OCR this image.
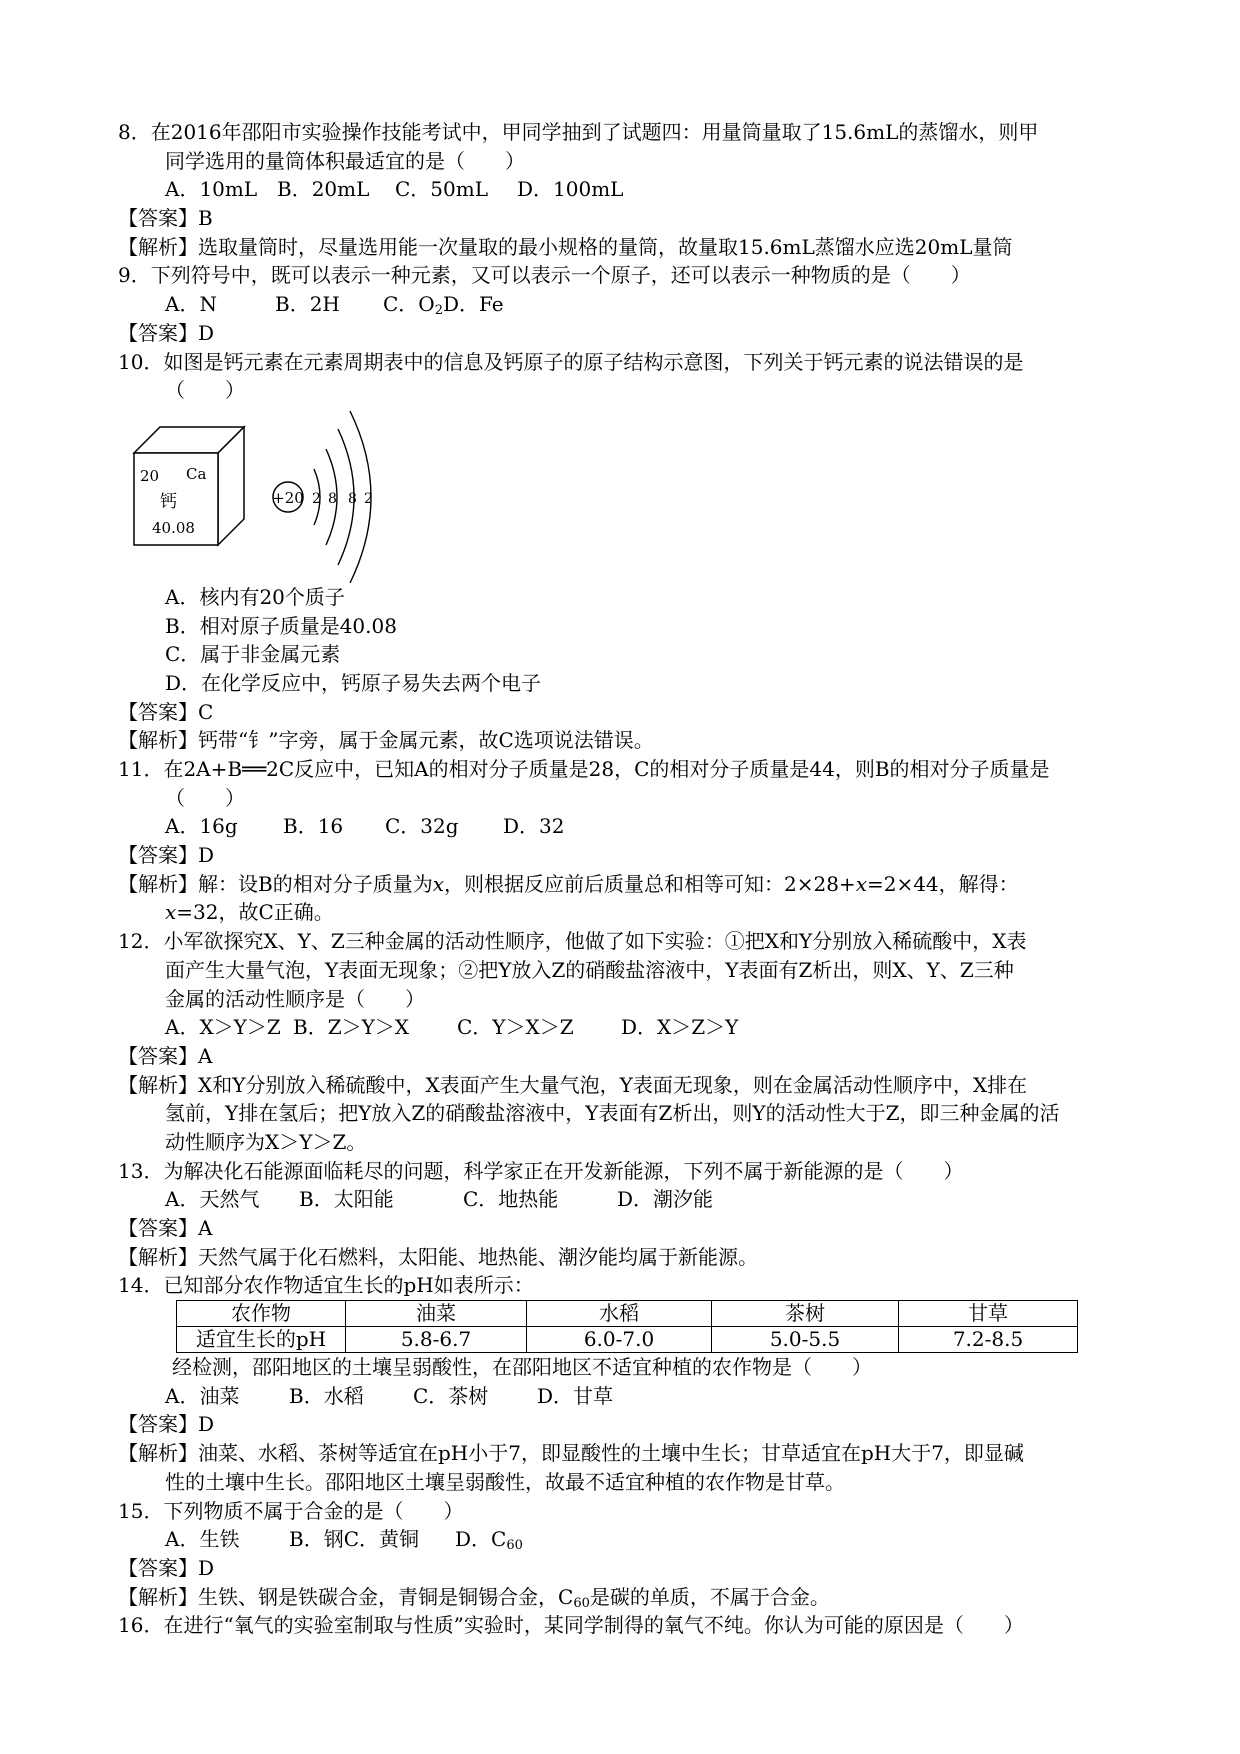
8．在2016年邵阳市实验操作技能考试中，甲同学抽到了试题四：用量筒量取了15.6mL的蒸馏水，则甲
同学选用的量筒体积最适宜的是（　　）
A．10mL B．20mL C．50mL D．100mL
【答案】B
【解析】选取量筒时，尽量选用能一次量取的最小规格的量筒，故量取15.6mL蒸馏水应选20mL量筒
9．下列符号中，既可以表示一种元素，又可以表示一个原子，还可以表示一种物质的是（　　）
A．N	B．2H C．$O_2D$．Fe
【答案】D
10．如图是钙元素在元素周期表中的信息及钙原子的原子结构示意图，下列关于钙元素的说法错误的是
（　　）
20 Ca
钙
40.08
+20 2 8 8 2
A．核内有20个质子
B．相对原子质量是40.08
C．属于非金属元素
D．在化学反应中，钙原子易失去两个电子
【答案】C
【解析】钙带“钅”字旁，属于金属元素，故C选项说法错误。
11．在2A+B══2C反应中，已知A的相对分子质量是28，C的相对分子质量是44，则B的相对分子质量是
（　　）
A．16g B．16 C．32g D．32
【答案】D
【解析】解：设B的相对分子质量为x，则根据反应前后质量总和相等可知：2×28+x=2×44，解得：
x=32，故C正确。
12．小军欲探究X、Y、Z三种金属的活动性顺序，他做了如下实验：①把X和Y分别放入稀硫酸中，X表
面产生大量气泡，Y表面无现象；②把Y放入Z的硝酸盐溶液中，Y表面有Z析出，则X、Y、Z三种
金属的活动性顺序是（　　）
A．X＞Y＞Z B．Z＞Y＞X C．Y＞X＞Z D．X＞Z＞Y
【答案】A
【解析】X和Y分别放入稀硫酸中，X表面产生大量气泡，Y表面无现象，则在金属活动性顺序中，X排在
氢前，Y排在氢后；把Y放入Z的硝酸盐溶液中，Y表面有Z析出，则Y的活动性大于Z，即三种金属的活
动性顺序为X＞Y＞Z。
13．为解决化石能源面临耗尽的问题，科学家正在开发新能源，下列不属于新能源的是（　　）
A．天然气 B．太阳能	C．地热能	D．潮汐能
【答案】A
【解析】天然气属于化石燃料，太阳能、地热能、潮汐能均属于新能源。
14．已知部分农作物适宜生长的pH如表所示：
农作物	油菜	水稻	茶树	甘草
适宜生长的pH	5.8-6.7	6.0-7.0	5.0-5.5	7.2-8.5
经检测，邵阳地区的土壤呈弱酸性，在邵阳地区不适宜种植的农作物是（　　）
A．油菜 B．水稻 C．茶树 D．甘草
【答案】D
【解析】油菜、水稻、茶树等适宜在pH小于7，即显酸性的土壤中生长；甘草适宜在pH大于7，即显碱
性的土壤中生长。邵阳地区土壤呈弱酸性，故最不适宜种植的农作物是甘草。
15．下列物质不属于合金的是（　　）
A．生铁 B．钢C．黄铜 D．$C_{60}$
【答案】D
【解析】生铁、钢是铁碳合金，青铜是铜锡合金，$C_{60}$是碳的单质，不属于合金。
16．在进行“氧气的实验室制取与性质”实验时，某同学制得的氧气不纯。你认为可能的原因是（　　）
